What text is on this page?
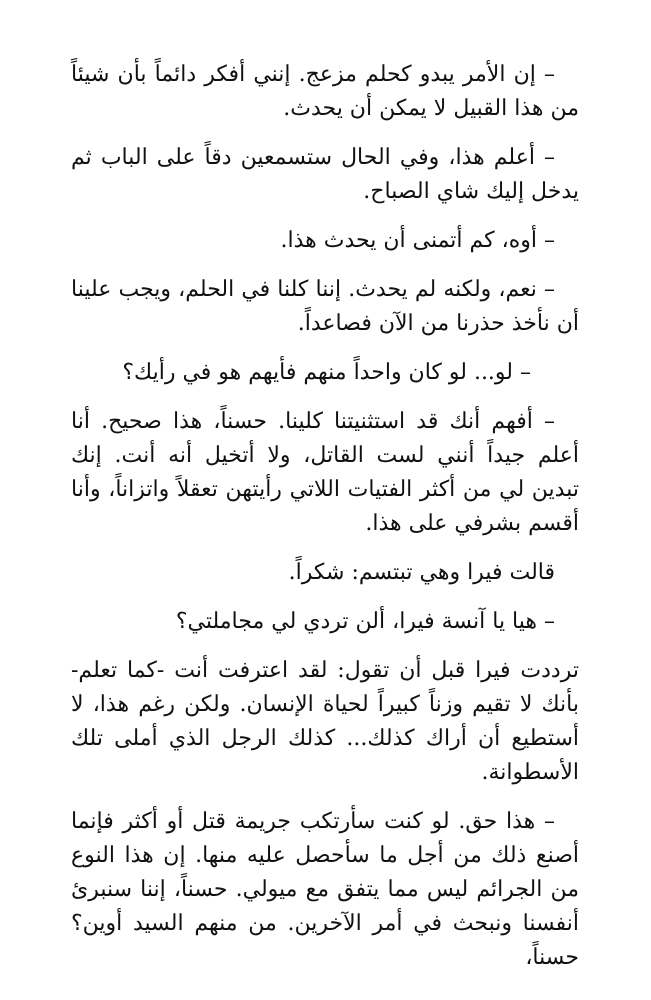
– إن الأمر يبدو كحلم مزعج. إنني أفكر دائماً بأن شيئاً من هذا القبيل لا يمكن أن يحدث.

– أعلم هذا، وفي الحال ستسمعين دقاً على الباب ثم يدخل إليك شاي الصباح.

– أوه، كم أتمنى أن يحدث هذا.

– نعم، ولكنه لم يحدث. إننا كلنا في الحلم، ويجب علينا أن نأخذ حذرنا من الآن فصاعداً.

– لو... لو كان واحداً منهم فأيهم هو في رأيك؟

– أفهم أنك قد استثنيتنا كلينا. حسناً، هذا صحيح. أنا أعلم جيداً أنني لست القاتل، ولا أتخيل أنه أنت. إنك تبدين لي من أكثر الفتيات اللاتي رأيتهن تعقلاً واتزاناً، وأنا أقسم بشرفي على هذا.

قالت فيرا وهي تبتسم: شكراً.

– هيا يا آنسة فيرا، ألن تردي لي مجاملتي؟

ترددت فيرا قبل أن تقول: لقد اعترفت أنت -كما تعلم- بأنك لا تقيم وزناً كبيراً لحياة الإنسان. ولكن رغم هذا، لا أستطيع أن أراك كذلك... كذلك الرجل الذي أملى تلك الأسطوانة.

– هذا حق. لو كنت سأرتكب جريمة قتل أو أكثر فإنما أصنع ذلك من أجل ما سأحصل عليه منها. إن هذا النوع من الجرائم ليس مما يتفق مع ميولي. حسناً، إننا سنبرئ أنفسنا ونبحث في أمر الآخرين. من منهم السيد أوين؟ حسناً،
